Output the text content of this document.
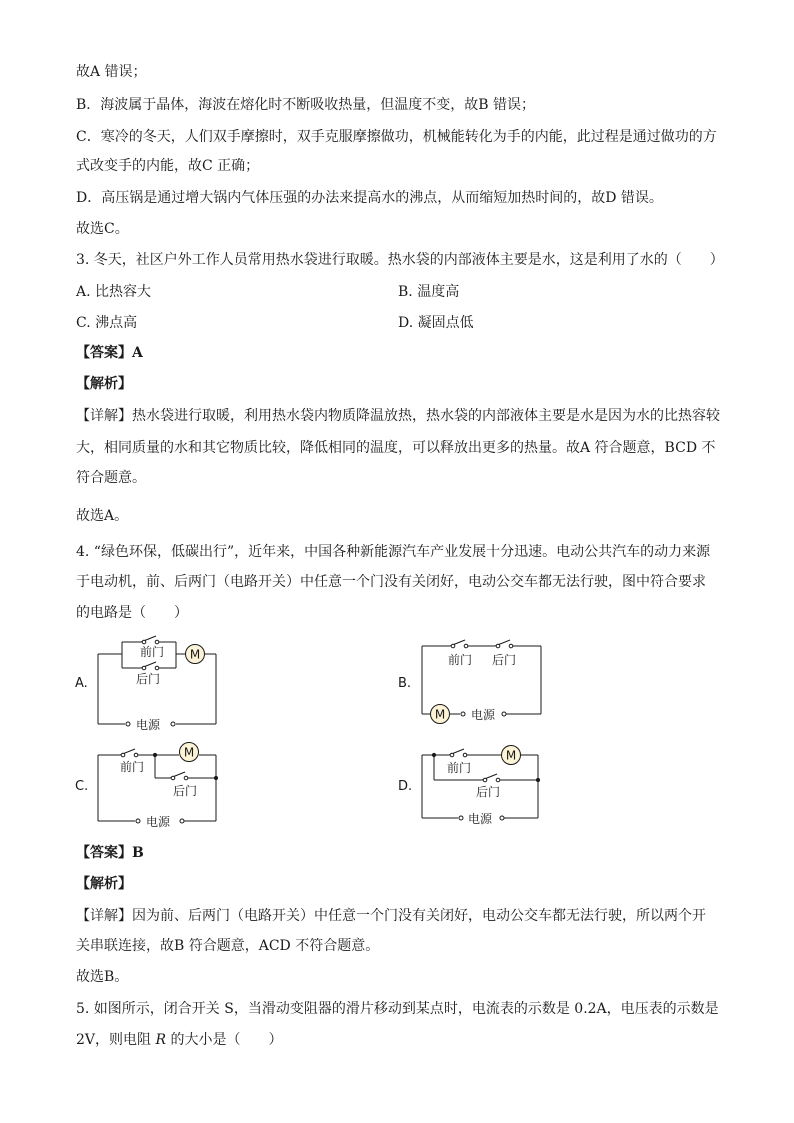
故A 错误；
B．海波属于晶体，海波在熔化时不断吸收热量，但温度不变，故B 错误；
C．寒冷的冬天，人们双手摩擦时，双手克服摩擦做功，机械能转化为手的内能，此过程是通过做功的方
式改变手的内能，故C 正确；
D．高压锅是通过增大锅内气体压强的办法来提高水的沸点，从而缩短加热时间的，故D 错误。
故选C。
3. 冬天，社区户外工作人员常用热水袋进行取暖。热水袋的内部液体主要是水，这是利用了水的（　　）
A. 比热容大	B. 温度高
C. 沸点高	D. 凝固点低
【答案】A
【解析】
【详解】热水袋进行取暖，利用热水袋内物质降温放热，热水袋的内部液体主要是水是因为水的比热容较
大，相同质量的水和其它物质比较，降低相同的温度，可以释放出更多的热量。故A 符合题意，BCD 不
符合题意。
故选A。
4. “绿色环保，低碳出行”，近年来，中国各种新能源汽车产业发展十分迅速。电动公共汽车的动力来源
于电动机，前、后两门（电路开关）中任意一个门没有关闭好，电动公交车都无法行驶，图中符合要求
的电路是（　　）
A.
M
前门
后门
电源
B.
M
前门 后门
电源
C.
M
前门
后门
电源
D.
M
前门
后门
电源
【答案】B
【解析】
【详解】因为前、后两门（电路开关）中任意一个门没有关闭好，电动公交车都无法行驶，所以两个开
关串联连接，故B 符合题意，ACD 不符合题意。
故选B。
5. 如图所示，闭合开关 S，当滑动变阻器的滑片移动到某点时，电流表的示数是 0.2A，电压表的示数是
2V，则电阻 R 的大小是（　　）
